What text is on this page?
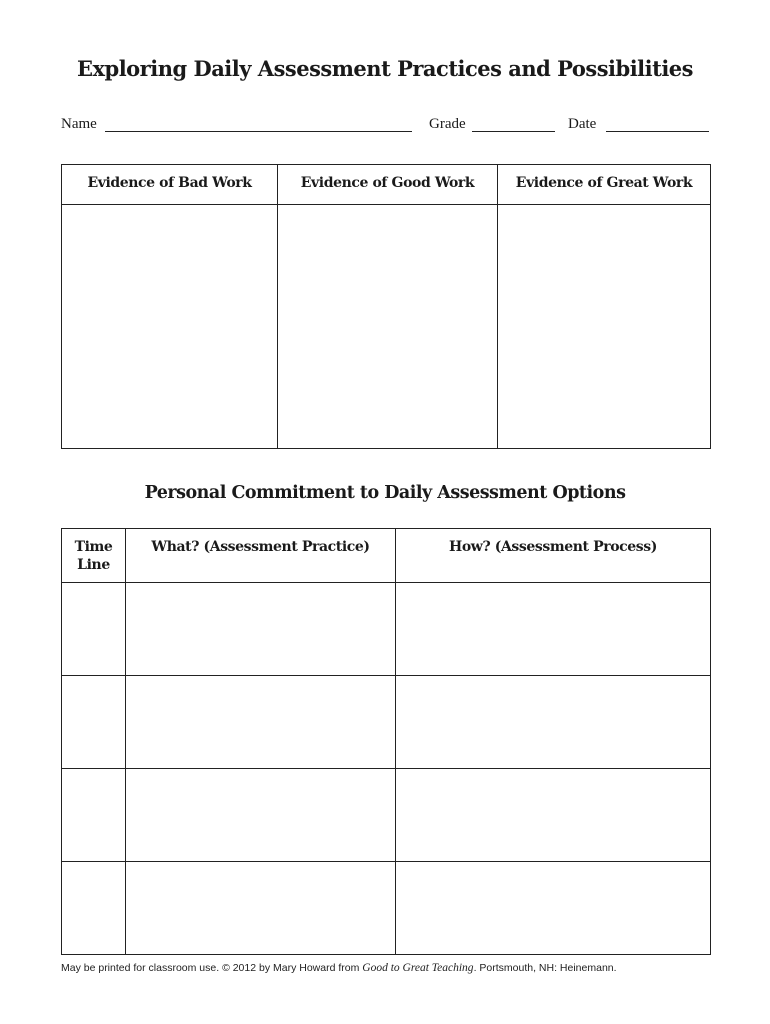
Exploring Daily Assessment Practices and Possibilities
Name	Grade	Date
Evidence of Bad Work	Evidence of Good Work	Evidence of Great Work

Personal Commitment to Daily Assessment Options
Time Line	What? (Assessment Practice)	How? (Assessment Process)

May be printed for classroom use. © 2012 by Mary Howard from Good to Great Teaching. Portsmouth, NH: Heinemann.
